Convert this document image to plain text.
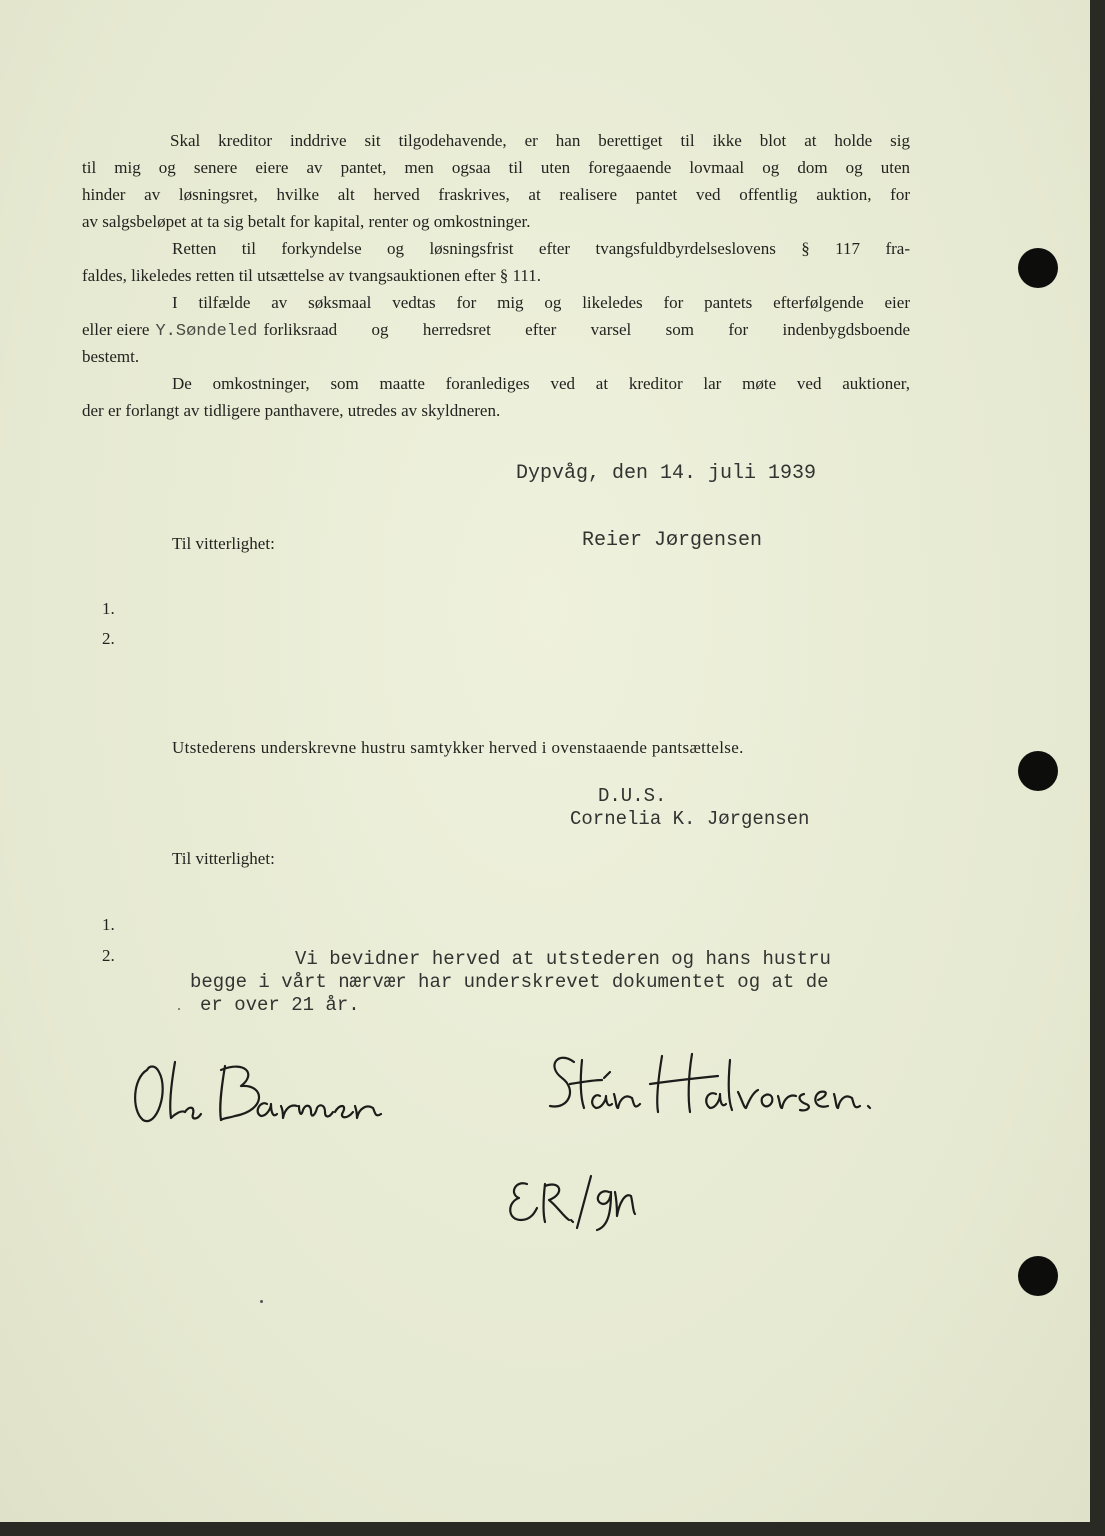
Skal kreditor inddrive sit tilgodehavende, er han berettiget til ikke blot at holde sig

til mig og senere eiere av pantet, men ogsaa til uten foregaaende lovmaal og dom og uten

hinder av løsningsret, hvilke alt herved fraskrives, at realisere pantet ved offentlig auktion, for

av salgsbeløpet at ta sig betalt for kapital, renter og omkostninger.

Retten til forkyndelse og løsningsfrist efter tvangsfuldbyrdelseslovens § 117 fra-

faldes, likeledes retten til utsættelse av tvangsauktionen efter § 111.

I tilfælde av søksmaal vedtas for mig og likeledes for pantets efterfølgende eier

eller eiere Y.Søndeled forliksraad og herredsret efter varsel som for indenbygdsboende

bestemt.

De omkostninger, som maatte foranlediges ved at kreditor lar møte ved auktioner,

der er forlangt av tidligere panthavere, utredes av skyldneren.

Dypvåg, den 14. juli 1939

Til vitterlighet:	Reier Jørgensen

1.

2.

Utstederens underskrevne hustru samtykker herved i ovenstaaende pantsættelse.

D.U.S.

Cornelia K. Jørgensen

Til vitterlighet:

1.

2.	Vi bevidner herved at utstederen og hans hustru

begge i vårt nærvær har underskrevet dokumentet og at de

er over 21 år.
